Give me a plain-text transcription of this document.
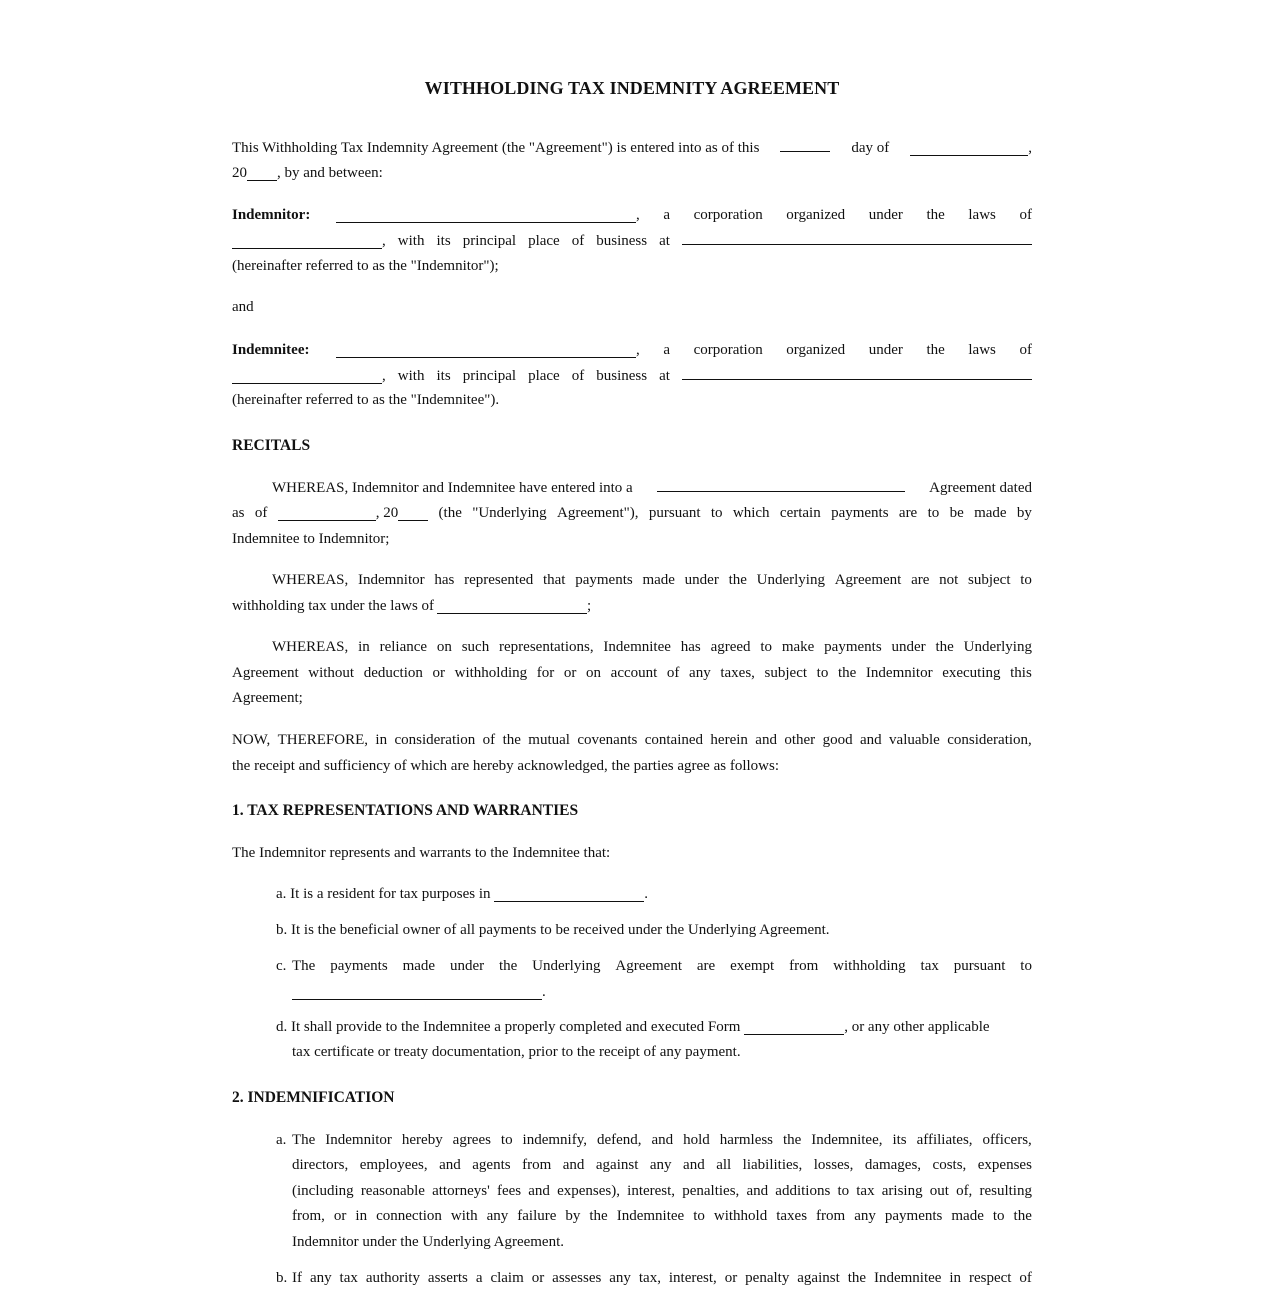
WITHHOLDING TAX INDEMNITY AGREEMENT
This Withholding Tax Indemnity Agreement (the "Agreement") is entered into as of this	day of	,
20 , by and between:
Indemnitor:	, a corporation organized under the laws of
, with its principal place of business at
(hereinafter referred to as the "Indemnitor");
and
Indemnitee:	, a corporation organized under the laws of
, with its principal place of business at
(hereinafter referred to as the "Indemnitee").
RECITALS
WHEREAS, Indemnitor and Indemnitee have entered into a	Agreement dated
as of	, 20	(the "Underlying Agreement"), pursuant to which certain payments are to be made by
Indemnitee to Indemnitor;
WHEREAS, Indemnitor has represented that payments made under the Underlying Agreement are not subject to
withholding tax under the laws of	;
WHEREAS, in reliance on such representations, Indemnitee has agreed to make payments under the Underlying
Agreement without deduction or withholding for or on account of any taxes, subject to the Indemnitor executing this
Agreement;
NOW, THEREFORE, in consideration of the mutual covenants contained herein and other good and valuable consideration,
the receipt and sufficiency of which are hereby acknowledged, the parties agree as follows:
1. TAX REPRESENTATIONS AND WARRANTIES
The Indemnitor represents and warrants to the Indemnitee that:
a. It is a resident for tax purposes in	.
b. It is the beneficial owner of all payments to be received under the Underlying Agreement.
c. The payments made under the Underlying Agreement are exempt from withholding tax pursuant to
.
d. It shall provide to the Indemnitee a properly completed and executed Form	, or any other applicable
tax certificate or treaty documentation, prior to the receipt of any payment.
2. INDEMNIFICATION
a. The Indemnitor hereby agrees to indemnify, defend, and hold harmless the Indemnitee, its affiliates, officers,
directors, employees, and agents from and against any and all liabilities, losses, damages, costs, expenses
(including reasonable attorneys' fees and expenses), interest, penalties, and additions to tax arising out of, resulting
from, or in connection with any failure by the Indemnitee to withhold taxes from any payments made to the
Indemnitor under the Underlying Agreement.
b. If any tax authority asserts a claim or assesses any tax, interest, or penalty against the Indemnitee in respect of
